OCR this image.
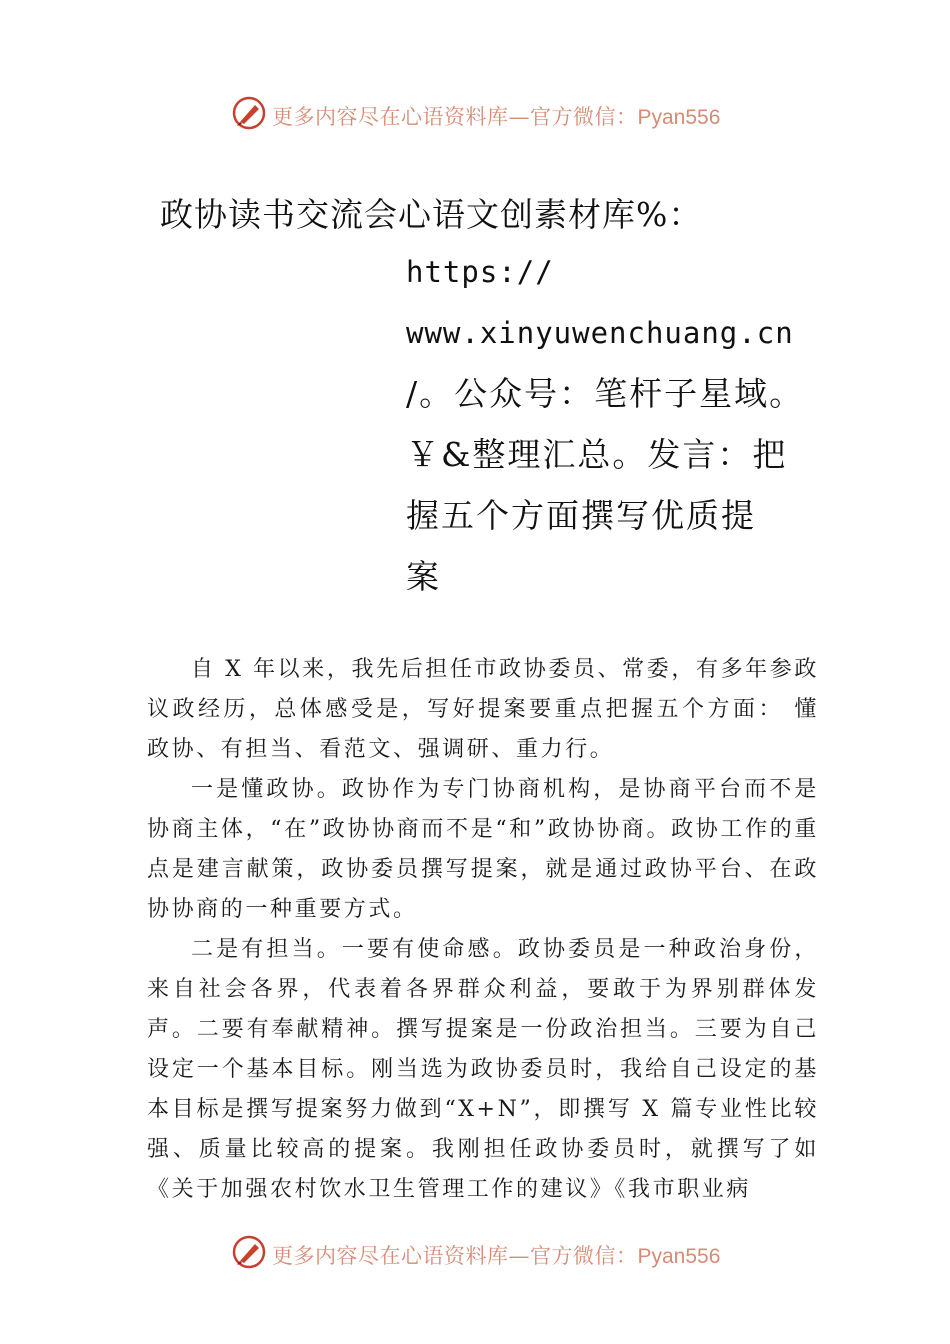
更多内容尽在心语资料库—官方微信：Pyan556
政协读书交流会心语文创素材库%：
https://
www.xinyuwenchuang.cn
/。公众号：笔杆子星域。
￥&整理汇总。发言：把
握五个方面撰写优质提
案

自 X 年以来，我先后担任市政协委员、常委，有多年参政议政经历，总体感受是，写好提案要重点把握五个方面： 懂政协、有担当、看范文、强调研、重力行。

一是懂政协。政协作为专门协商机构，是协商平台而不是协商主体，“在”政协协商而不是“和”政协协商。政协工作的重点是建言献策，政协委员撰写提案，就是通过政协平台、在政协协商的一种重要方式。

二是有担当。一要有使命感。政协委员是一种政治身份，来自社会各界，代表着各界群众利益，要敢于为界别群体发声。二要有奉献精神。撰写提案是一份政治担当。三要为自己设定一个基本目标。刚当选为政协委员时，我给自己设定的基本目标是撰写提案努力做到“X+N”，即撰写 X 篇专业性比较强、质量比较高的提案。我刚担任政协委员时，就撰写了如《关于加强农村饮水卫生管理工作的建议》《我市职业病

更多内容尽在心语资料库—官方微信：Pyan556
